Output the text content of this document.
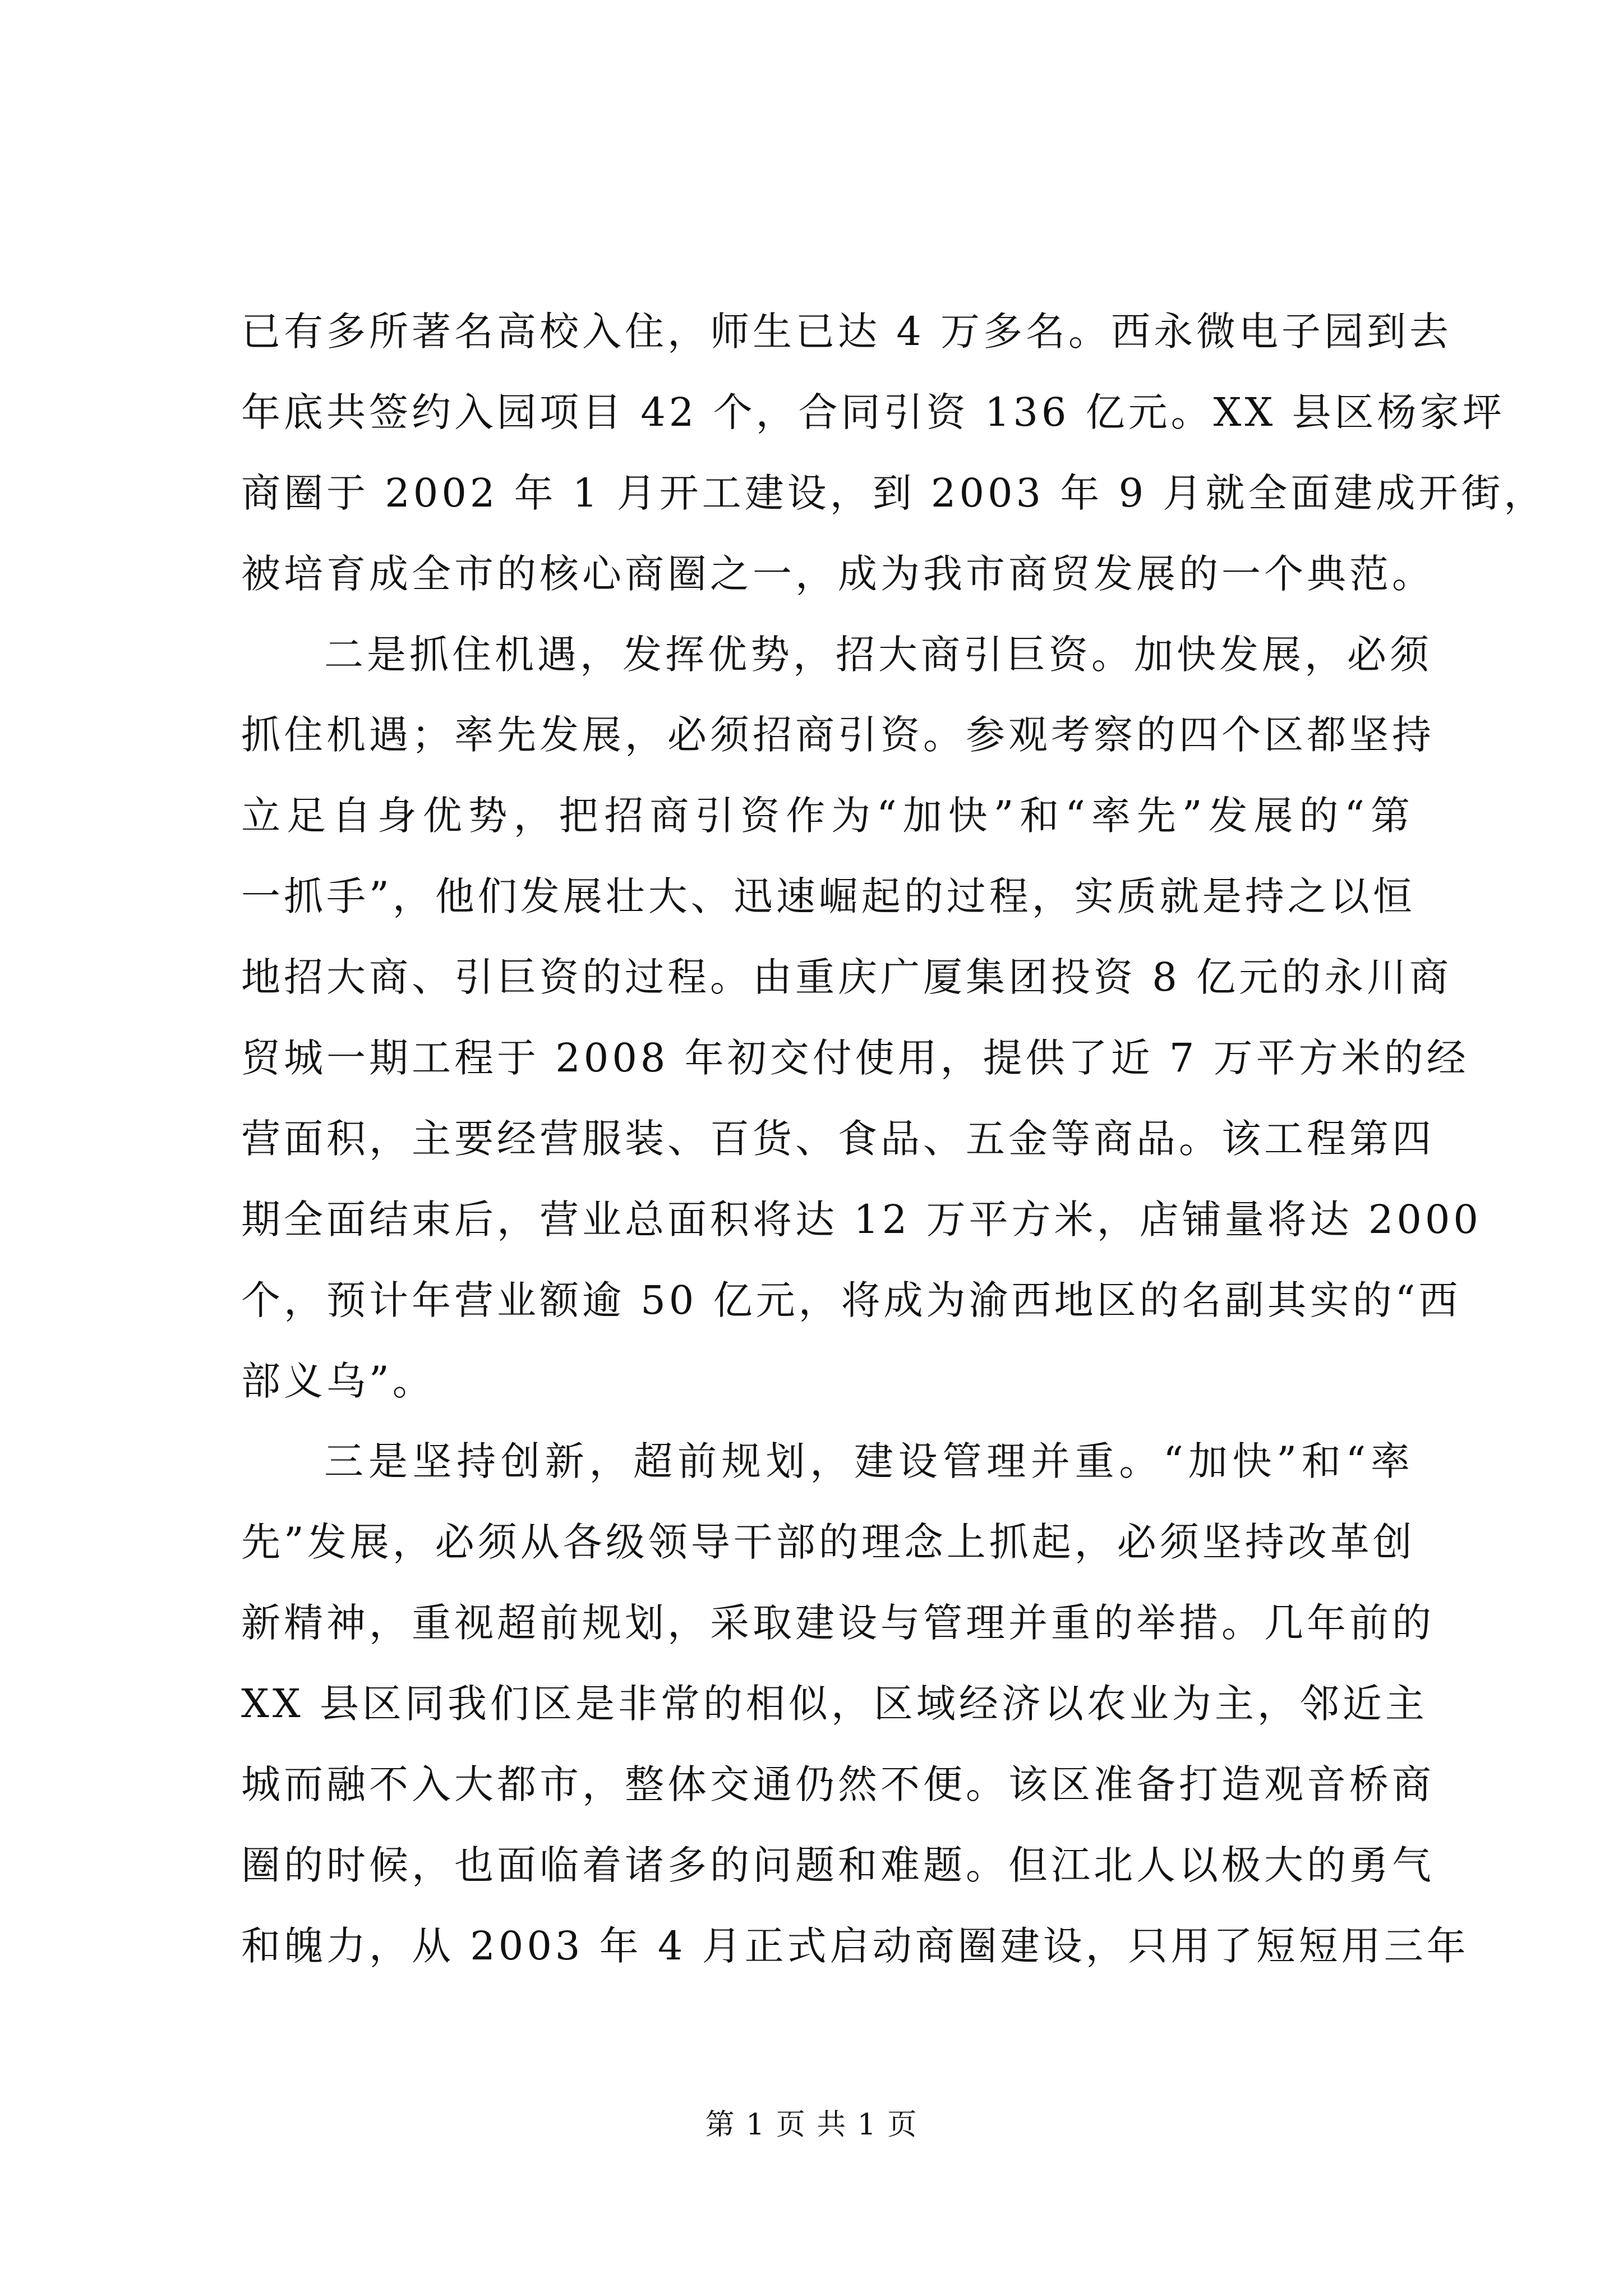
已有多所著名高校入住，师生已达 4 万多名。西永微电子园到去
年底共签约入园项目 42 个，合同引资 136 亿元。XX 县区杨家坪
商圈于 2002 年 1 月开工建设，到 2003 年 9 月就全面建成开街，
被培育成全市的核心商圈之一，成为我市商贸发展的一个典范。
二是抓住机遇，发挥优势，招大商引巨资。加快发展，必须
抓住机遇；率先发展，必须招商引资。参观考察的四个区都坚持
立足自身优势，把招商引资作为“加快”和“率先”发展的“第
一抓手”，他们发展壮大、迅速崛起的过程，实质就是持之以恒
地招大商、引巨资的过程。由重庆广厦集团投资 8 亿元的永川商
贸城一期工程于 2008 年初交付使用，提供了近 7 万平方米的经
营面积，主要经营服装、百货、食品、五金等商品。该工程第四
期全面结束后，营业总面积将达 12 万平方米，店铺量将达 2000
个，预计年营业额逾 50 亿元，将成为渝西地区的名副其实的“西
部义乌”。
三是坚持创新，超前规划，建设管理并重。“加快”和“率
先”发展，必须从各级领导干部的理念上抓起，必须坚持改革创
新精神，重视超前规划，采取建设与管理并重的举措。几年前的
XX 县区同我们区是非常的相似，区域经济以农业为主，邻近主
城而融不入大都市，整体交通仍然不便。该区准备打造观音桥商
圈的时候，也面临着诸多的问题和难题。但江北人以极大的勇气
和魄力，从 2003 年 4 月正式启动商圈建设，只用了短短用三年
第 1 页 共 1 页
